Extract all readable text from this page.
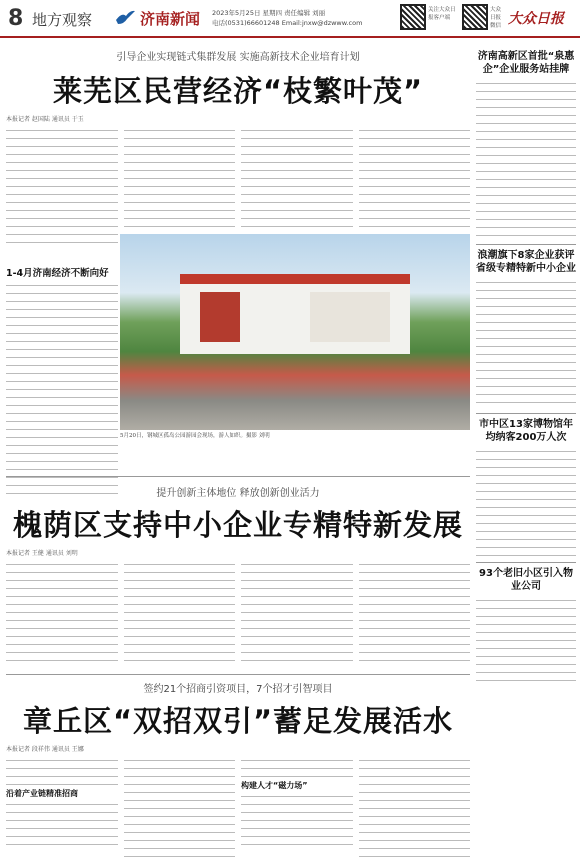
8 地方观察	济南新闻 2023年5月25日 星期四 责任编辑 刘丽
电话(0531)66601248 Email:jnxw@dzwww.com
关注大众日报客户端
大众日报微信 大众日报
引导企业实现链式集群发展 实施高新技术企业培育计划
莱芜区民营经济“枝繁叶茂”
本报记者 赵国陆 通讯员 于玉
1-4月济南经济不断向好
5月20日，钢城区孤岛公园游园会现场，游人如织。摄影 刘明
提升创新主体地位 释放创新创业活力
槐荫区支持中小企业专精特新发展
本报记者 王健 通讯员 刘明
签约21个招商引资项目，7个招才引智项目
章丘区“双招双引”蓄足发展活水
本报记者 段祥伟 通讯员 王娜
沿着产业链精准招商
构建人才“磁力场”
济南高新区首批“泉惠企”企业服务站挂牌
浪潮旗下8家企业获评省级专精特新中小企业
市中区13家博物馆年均纳客200万人次
93个老旧小区引入物业公司
